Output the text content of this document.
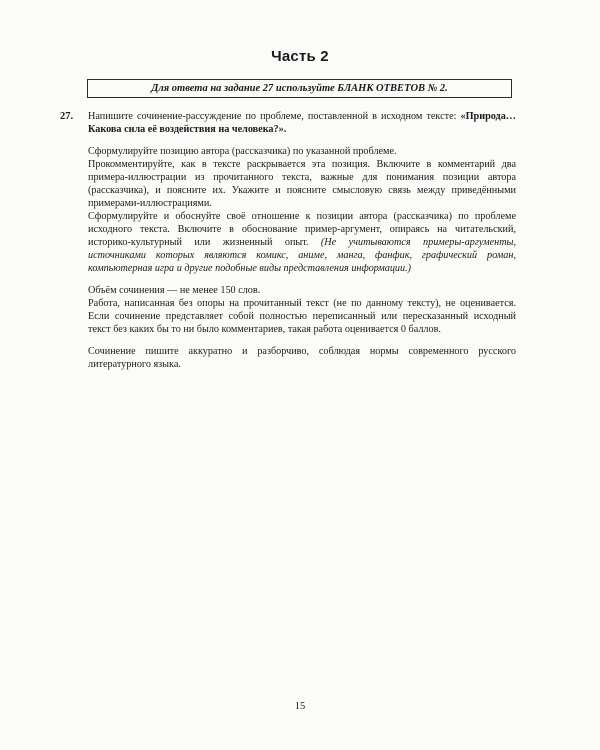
Часть 2
Для ответа на задание 27 используйте БЛАНК ОТВЕТОВ № 2.
27. Напишите сочинение-рассуждение по проблеме, поставленной в исходном тексте: «Природа… Какова сила её воздействия на человека?».

Сформулируйте позицию автора (рассказчика) по указанной проблеме.

Прокомментируйте, как в тексте раскрывается эта позиция. Включите в комментарий два примера-иллюстрации из прочитанного текста, важные для понимания позиции автора (рассказчика), и поясните их. Укажите и поясните смысловую связь между приведёнными примерами-иллюстрациями.

Сформулируйте и обоснуйте своё отношение к позиции автора (рассказчика) по проблеме исходного текста. Включите в обоснование пример-аргумент, опираясь на читательский, историко-культурный или жизненный опыт. (Не учитываются примеры-аргументы, источниками которых являются комикс, аниме, манга, фанфик, графический роман, компьютерная игра и другие подобные виды представления информации.)

Объём сочинения — не менее 150 слов.

Работа, написанная без опоры на прочитанный текст (не по данному тексту), не оценивается. Если сочинение представляет собой полностью переписанный или пересказанный исходный текст без каких бы то ни было комментариев, такая работа оценивается 0 баллов.

Сочинение пишите аккуратно и разборчиво, соблюдая нормы современного русского литературного языка.

15
